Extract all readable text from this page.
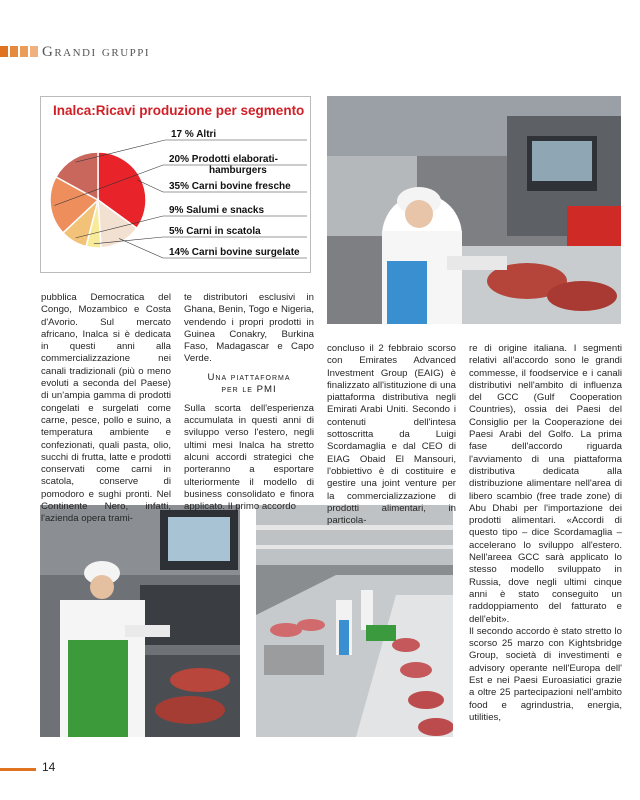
Grandi gruppi
Inalca:Ricavi produzione per segmento
17 % Altri
20% Prodotti elaborati-hamburgers
35% Carni bovine fresche
9% Salumi e snacks
5% Carni in scatola
14% Carni bovine surgelate
pubblica Democratica del Congo, Mozambico e Costa d'Avorio. Sul mercato africano, Inalca si è dedicata in questi anni alla commercializzazione nei canali tradizionali (più o meno evoluti a seconda del Paese) di un'ampia gamma di prodotti congelati e surgelati come carne, pesce, pollo e suino, a temperatura ambiente e confezionati, quali pasta, olio, succhi di frutta, latte e prodotti conservati come carni in scatola, conserve di pomodoro e sughi pronti. Nel Continente Nero, infatti, l'azienda opera trami-
te distributori esclusivi in Ghana, Benin, Togo e Nigeria, vendendo i propri prodotti in Guinea Conakry, Burkina Faso, Madagascar e Capo Verde.
Una piattaforma
per le PMI
Sulla scorta dell'esperienza accumulata in questi anni di sviluppo verso l'estero, negli ultimi mesi Inalca ha stretto alcuni accordi strategici che porteranno a esportare ulteriormente il modello di business consolidato e finora applicato. Il primo accordo
concluso il 2 febbraio scorso con Emirates Advanced Investment Group (EAIG) è finalizzato all'istituzione di una piattaforma distributiva negli Emirati Arabi Uniti. Secondo i contenuti dell'intesa sottoscritta da Luigi Scordamaglia e dal CEO di EIAG Obaid El Mansouri, l'obbiettivo è di costituire e gestire una joint venture per la commercializzazione di prodotti alimentari, in particola-
re di origine italiana. I segmenti relativi all'accordo sono le grandi commesse, il foodservice e i canali distributivi nell'ambito di influenza del GCC (Gulf Cooperation Countries), ossia dei Paesi del Consiglio per la Cooperazione dei Paesi Arabi del Golfo. La prima fase dell'accordo riguarda l'avviamento di una piattaforma distributiva dedicata alla distribuzione alimentare nell'area di libero scambio (free trade zone) di Abu Dhabi per l'importazione dei prodotti alimentari. «Accordi di questo tipo – dice Scordamaglia – accelerano lo sviluppo all'estero. Nell'areea GCC sarà applicato lo stesso modello sviluppato in Russia, dove negli ultimi cinque anni è stato conseguito un raddoppiamento del fatturato e dell'ebit».
Il secondo accordo è stato stretto lo scorso 25 marzo con Kightsbridge Group, società di investimenti e advisory operante nell'Europa dell' Est e nei Paesi Euroasiatici grazie a oltre 25 partecipazioni nell'ambito food e agrindustria, energia, utilities,
14
